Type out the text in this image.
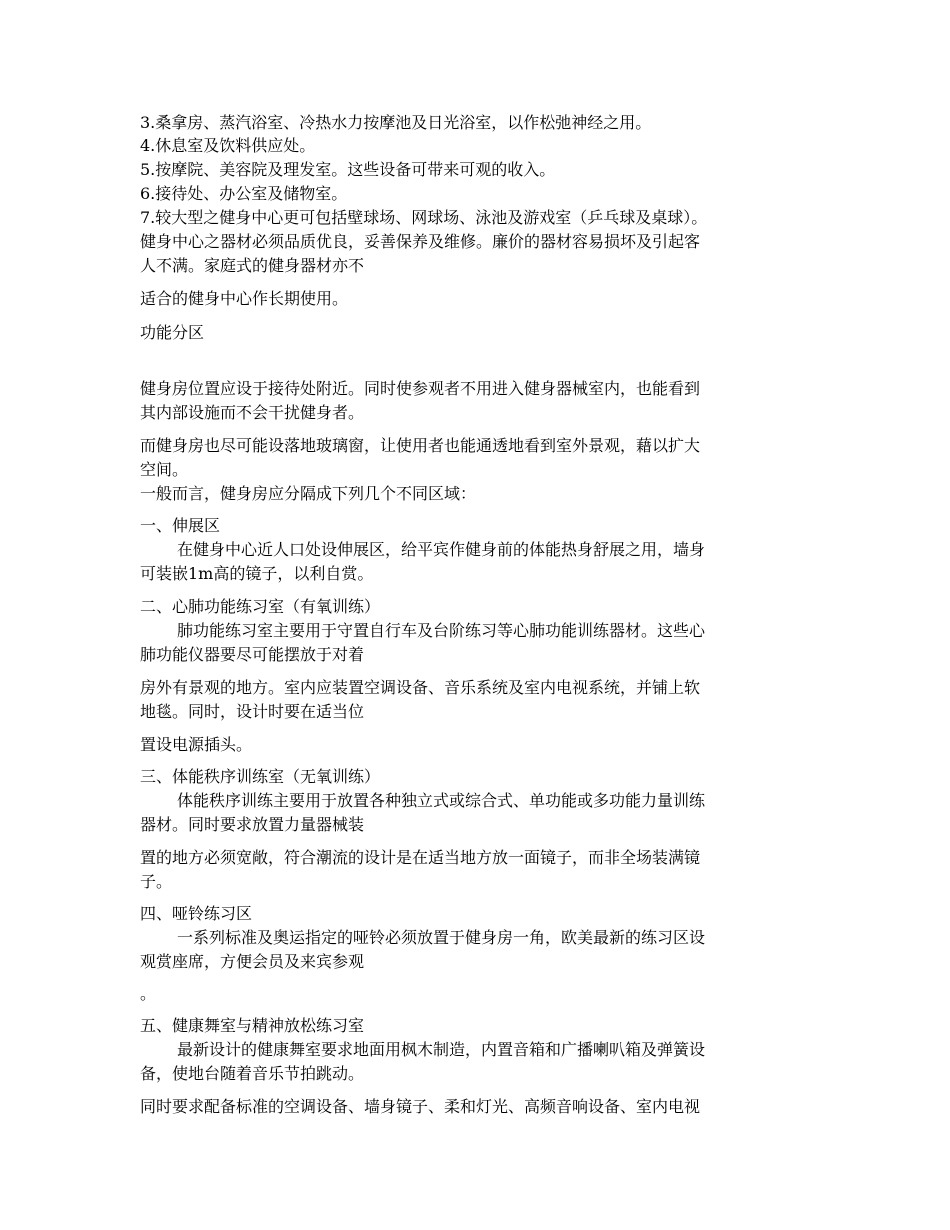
3.桑拿房、蒸汽浴室、冷热水力按摩池及日光浴室，以作松弛神经之用。
4.休息室及饮料供应处。
5.按摩院、美容院及理发室。这些设备可带来可观的收入。
6.接待处、办公室及储物室。
7.较大型之健身中心更可包括壁球场、网球场、泳池及游戏室（乒乓球及桌球）。
健身中心之器材必须品质优良，妥善保养及维修。廉价的器材容易损坏及引起客
人不满。家庭式的健身器材亦不
适合的健身中心作长期使用。
功能分区
健身房位置应设于接待处附近。同时使参观者不用进入健身器械室内，也能看到
其内部设施而不会干扰健身者。
而健身房也尽可能设落地玻璃窗，让使用者也能通透地看到室外景观，藉以扩大
空间。
一般而言，健身房应分隔成下列几个不同区域：
一、伸展区
在健身中心近人口处设伸展区，给平宾作健身前的体能热身舒展之用，墙身
可装嵌1m高的镜子，以利自赏。
二、心肺功能练习室（有氧训练）
肺功能练习室主要用于守置自行车及台阶练习等心肺功能训练器材。这些心
肺功能仪器要尽可能摆放于对着
房外有景观的地方。室内应装置空调设备、音乐系统及室内电视系统，并铺上软
地毯。同时，设计时要在适当位
置设电源插头。
三、体能秩序训练室（无氧训练）
体能秩序训练主要用于放置各种独立式或综合式、单功能或多功能力量训练
器材。同时要求放置力量器械装
置的地方必须宽敞，符合潮流的设计是在适当地方放一面镜子，而非全场装满镜
子。
四、哑铃练习区
一系列标准及奥运指定的哑铃必须放置于健身房一角，欧美最新的练习区设
观赏座席，方便会员及来宾参观
。
五、健康舞室与精神放松练习室
最新设计的健康舞室要求地面用枫木制造，内置音箱和广播喇叭箱及弹簧设
备，使地台随着音乐节拍跳动。
同时要求配备标准的空调设备、墙身镜子、柔和灯光、高频音响设备、室内电视
